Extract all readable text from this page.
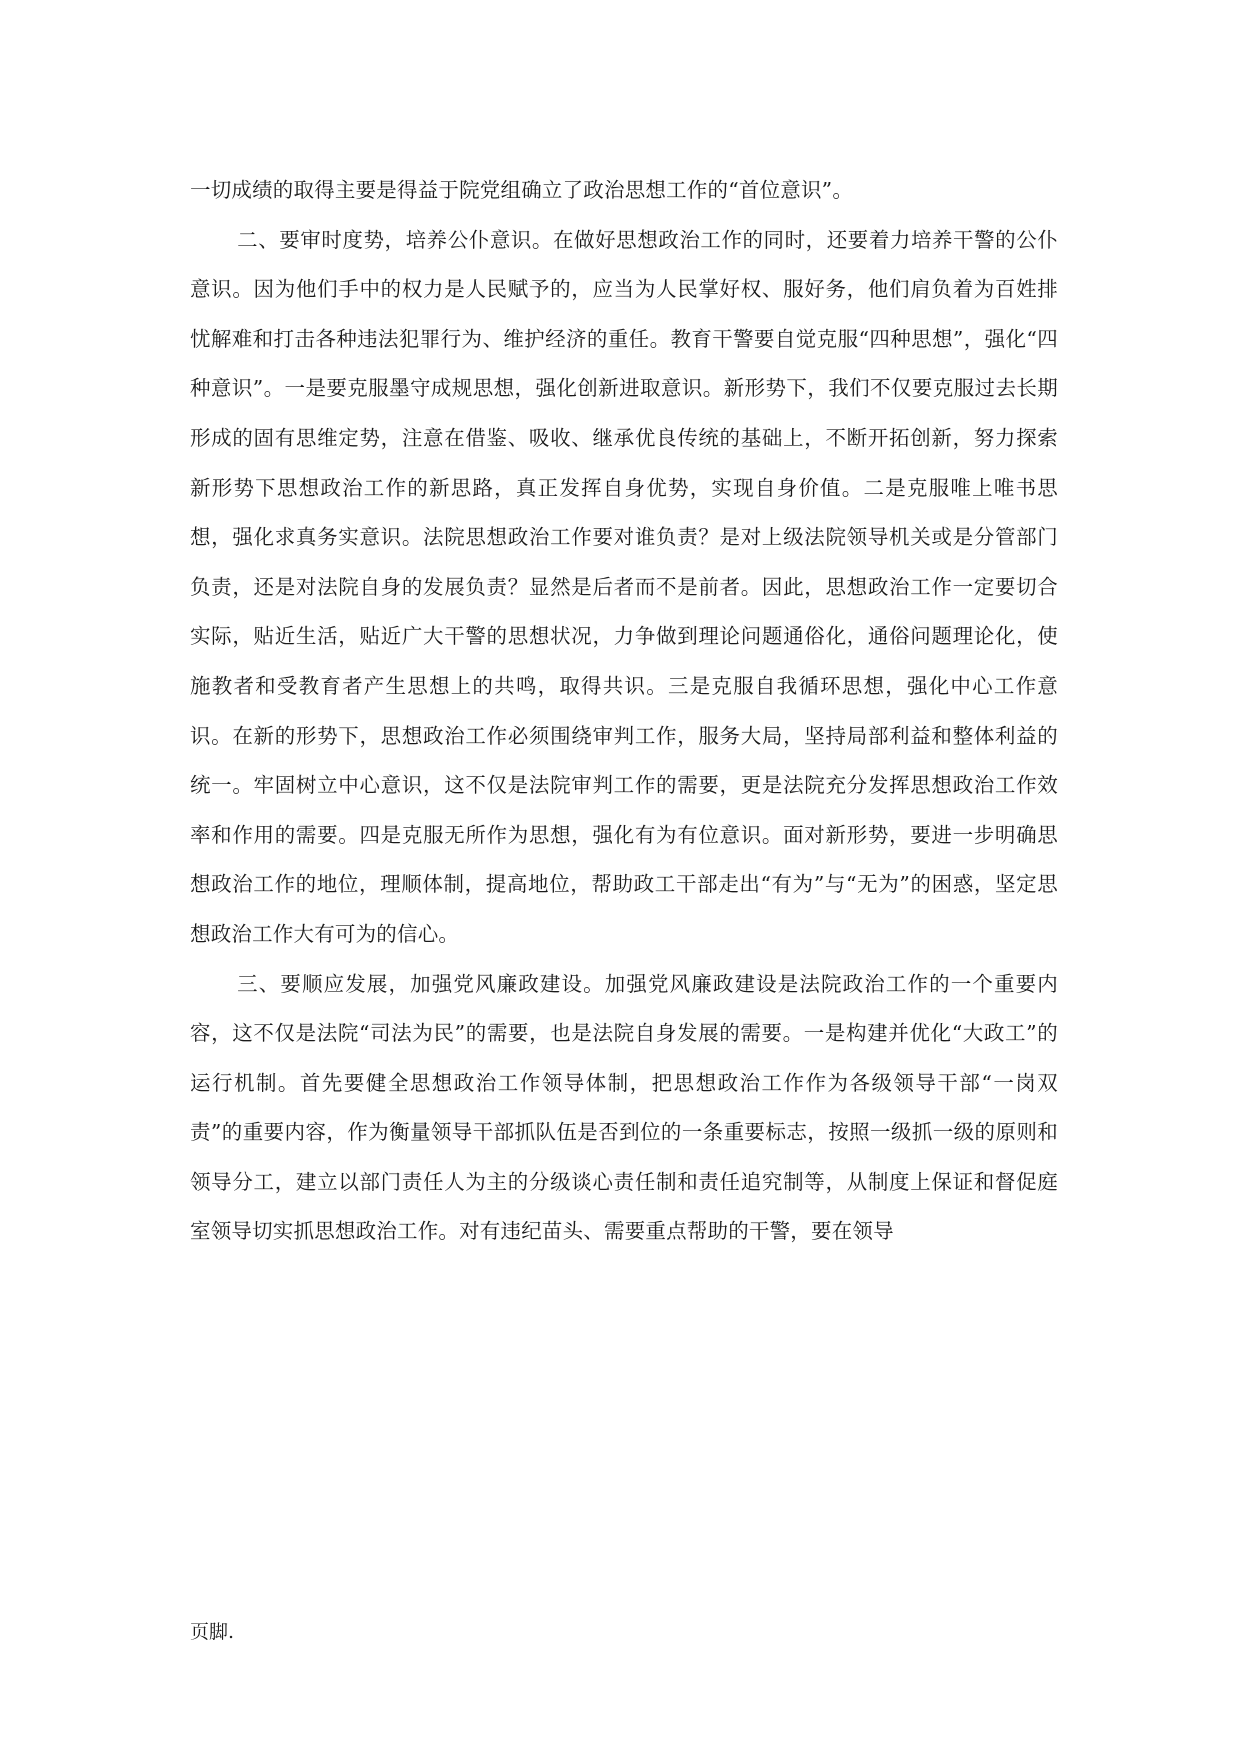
一切成绩的取得主要是得益于院党组确立了政治思想工作的“首位意识”。

二、要审时度势，培养公仆意识。在做好思想政治工作的同时，还要着力培养干警的公仆意识。因为他们手中的权力是人民赋予的，应当为人民掌好权、服好务，他们肩负着为百姓排忧解难和打击各种违法犯罪行为、维护经济的重任。教育干警要自觉克服“四种思想”，强化“四种意识”。一是要克服墨守成规思想，强化创新进取意识。新形势下，我们不仅要克服过去长期形成的固有思维定势，注意在借鉴、吸收、继承优良传统的基础上，不断开拓创新，努力探索新形势下思想政治工作的新思路，真正发挥自身优势，实现自身价值。二是克服唯上唯书思想，强化求真务实意识。法院思想政治工作要对谁负责？是对上级法院领导机关或是分管部门负责，还是对法院自身的发展负责？显然是后者而不是前者。因此，思想政治工作一定要切合实际，贴近生活，贴近广大干警的思想状况，力争做到理论问题通俗化，通俗问题理论化，使施教者和受教育者产生思想上的共鸣，取得共识。三是克服自我循环思想，强化中心工作意识。在新的形势下，思想政治工作必须围绕审判工作，服务大局，坚持局部利益和整体利益的统一。牢固树立中心意识，这不仅是法院审判工作的需要，更是法院充分发挥思想政治工作效率和作用的需要。四是克服无所作为思想，强化有为有位意识。面对新形势，要进一步明确思想政治工作的地位，理顺体制，提高地位，帮助政工干部走出“有为”与“无为”的困惑，坚定思想政治工作大有可为的信心。

三、要顺应发展，加强党风廉政建设。加强党风廉政建设是法院政治工作的一个重要内容，这不仅是法院“司法为民”的需要，也是法院自身发展的需要。一是构建并优化“大政工”的运行机制。首先要健全思想政治工作领导体制，把思想政治工作作为各级领导干部“一岗双责”的重要内容，作为衡量领导干部抓队伍是否到位的一条重要标志，按照一级抓一级的原则和领导分工，建立以部门责任人为主的分级谈心责任制和责任追究制等，从制度上保证和督促庭室领导切实抓思想政治工作。对有违纪苗头、需要重点帮助的干警，要在领导

页脚.
